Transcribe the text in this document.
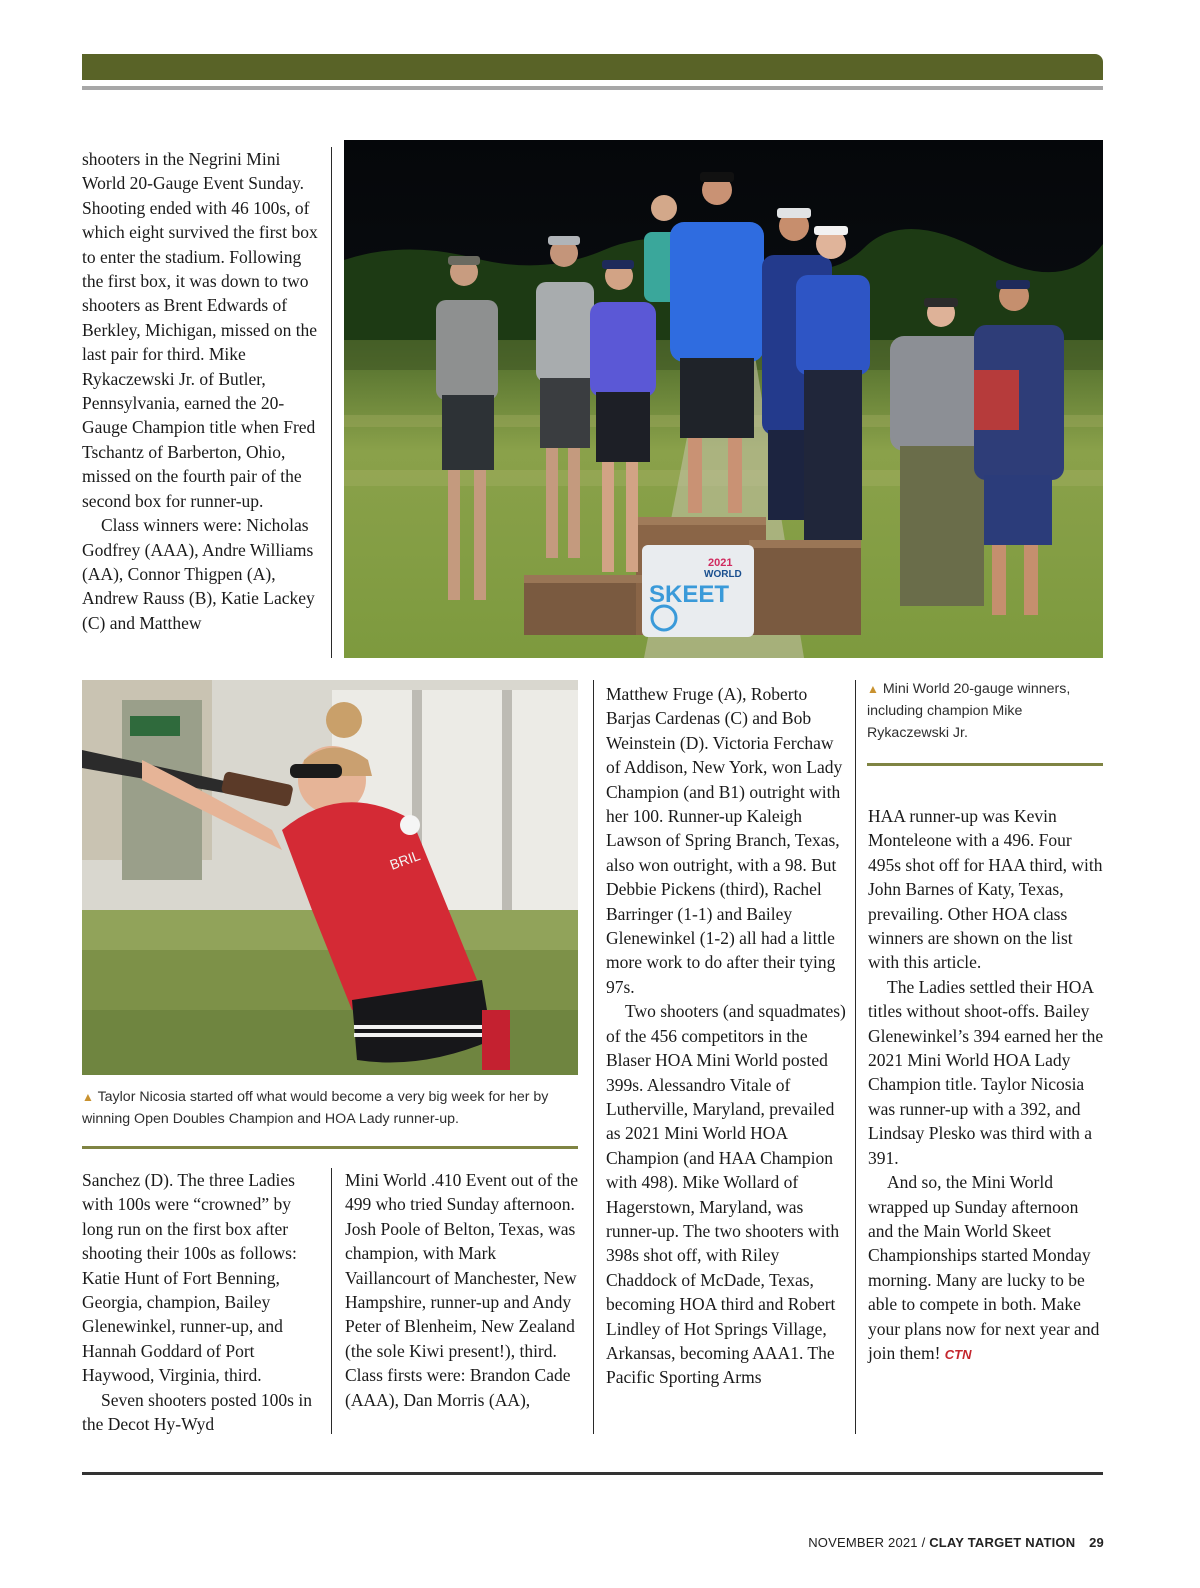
shooters in the Negrini Mini World 20-Gauge Event Sunday. Shooting ended with 46 100s, of which eight survived the first box to enter the stadium. Following the first box, it was down to two shooters as Brent Edwards of Berkley, Michigan, missed on the last pair for third. Mike Rykaczewski Jr. of Butler, Pennsylvania, earned the 20-Gauge Champion title when Fred Tschantz of Barberton, Ohio, missed on the fourth pair of the second box for runner-up.

Class winners were: Nicholas Godfrey (AAA), Andre Williams (AA), Connor Thigpen (A), Andrew Rauss (B), Katie Lackey (C) and Matthew

2021
WORLD
SKEET
BRIL
▲ Taylor Nicosia started off what would become a very big week for her by winning Open Doubles Champion and HOA Lady runner-up.

Sanchez (D). The three Ladies with 100s were “crowned” by long run on the first box after shooting their 100s as follows: Katie Hunt of Fort Benning, Georgia, champion, Bailey Glenewinkel, runner-up, and Hannah Goddard of Port Haywood, Virginia, third.

Seven shooters posted 100s in the Decot Hy-Wyd

Mini World .410 Event out of the 499 who tried Sunday afternoon. Josh Poole of Belton, Texas, was champion, with Mark Vaillancourt of Manchester, New Hampshire, runner-up and Andy Peter of Blenheim, New Zealand (the sole Kiwi present!), third. Class firsts were: Brandon Cade (AAA), Dan Morris (AA),

Matthew Fruge (A), Roberto Barjas Cardenas (C) and Bob Weinstein (D). Victoria Ferchaw of Addison, New York, won Lady Champion (and B1) outright with her 100. Runner-up Kaleigh Lawson of Spring Branch, Texas, also won outright, with a 98. But Debbie Pickens (third), Rachel Barringer (1-1) and Bailey Glenewinkel (1-2) all had a little more work to do after their tying 97s.

Two shooters (and squadmates) of the 456 competitors in the Blaser HOA Mini World posted 399s. Alessandro Vitale of Lutherville, Maryland, prevailed as 2021 Mini World HOA Champion (and HAA Champion with 498). Mike Wollard of Hagerstown, Maryland, was runner-up. The two shooters with 398s shot off, with Riley Chaddock of McDade, Texas, becoming HOA third and Robert Lindley of Hot Springs Village, Arkansas, becoming AAA1. The Pacific Sporting Arms

▲ Mini World 20-gauge winners, including champion Mike Rykaczewski Jr.

HAA runner-up was Kevin Monteleone with a 496. Four 495s shot off for HAA third, with John Barnes of Katy, Texas, prevailing. Other HOA class winners are shown on the list with this article.

The Ladies settled their HOA titles without shoot-offs. Bailey Glenewinkel’s 394 earned her the 2021 Mini World HOA Lady Champion title. Taylor Nicosia was runner-up with a 392, and Lindsay Plesko was third with a 391.

And so, the Mini World wrapped up Sunday afternoon and the Main World Skeet Championships started Monday morning. Many are lucky to be able to compete in both. Make your plans now for next year and join them! CTN

NOVEMBER 2021 / CLAY TARGET NATION 29
